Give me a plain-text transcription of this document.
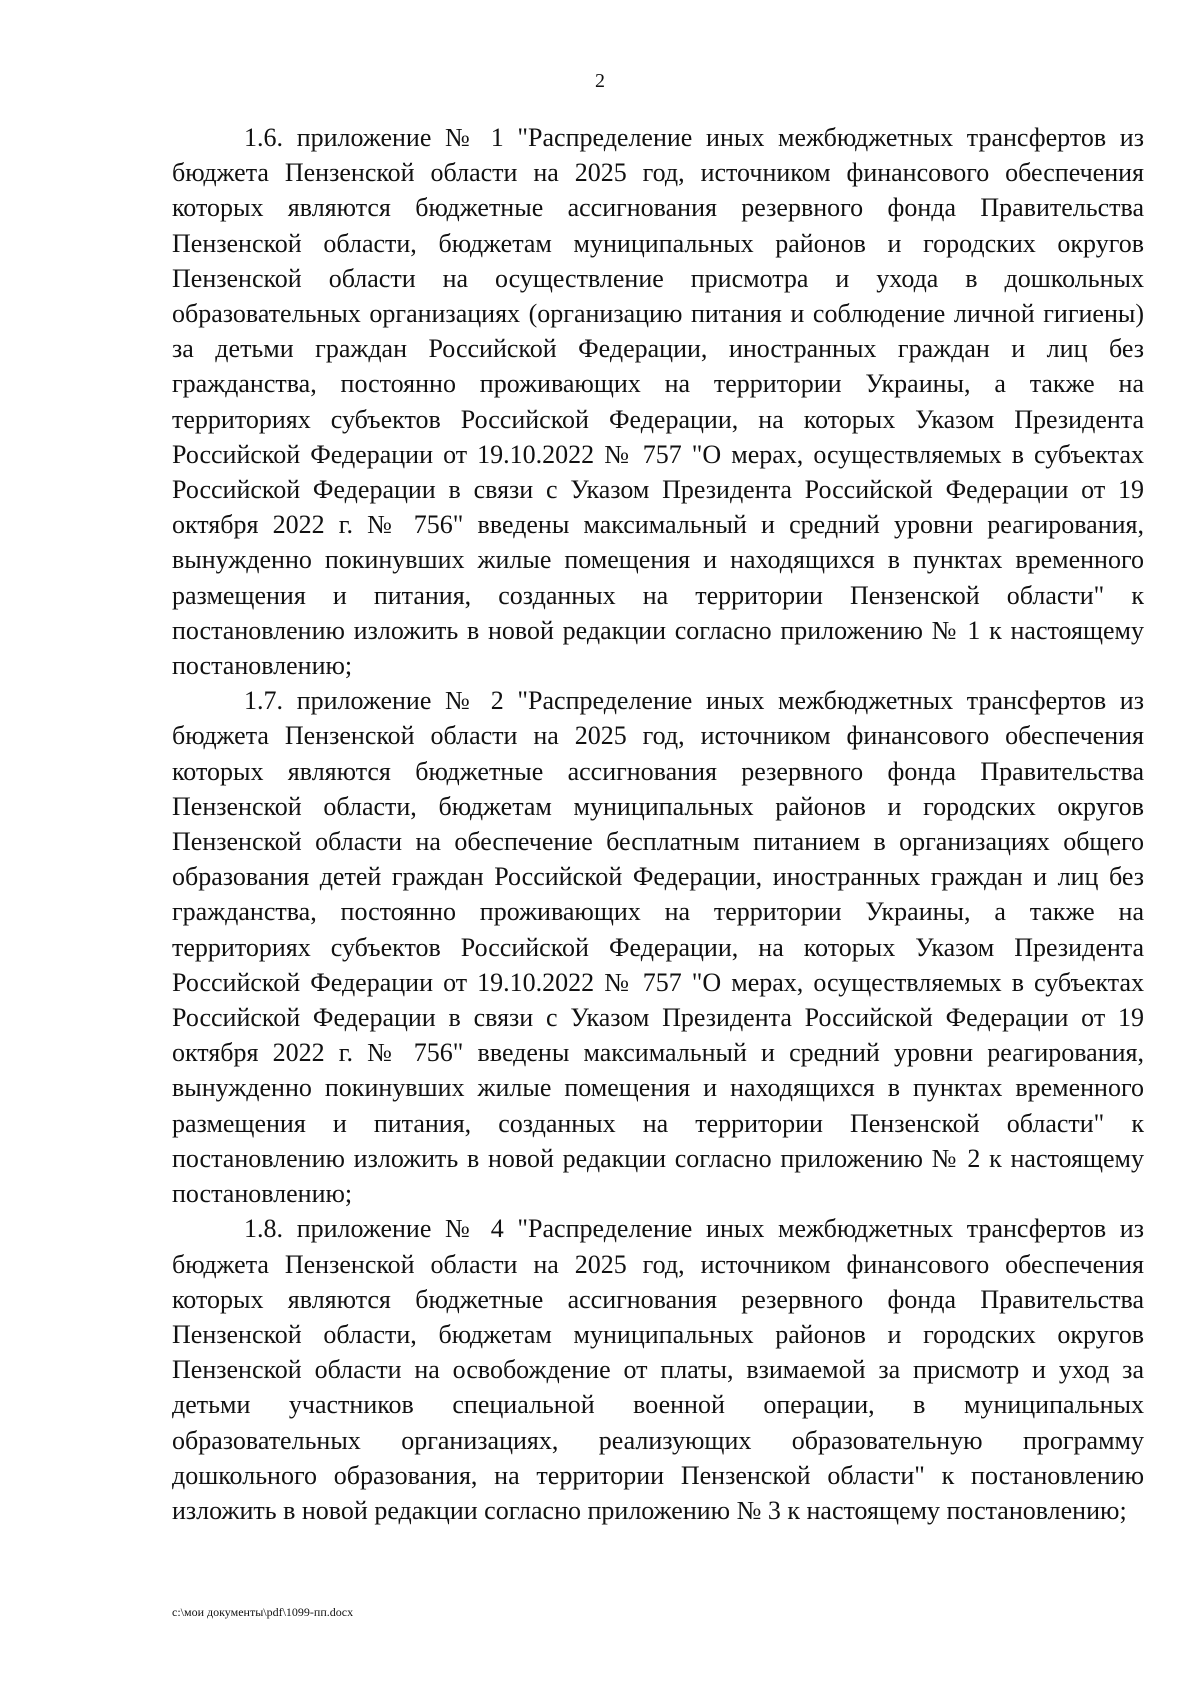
2

1.6. приложение № 1 "Распределение иных межбюджетных трансфертов из бюджета Пензенской области на 2025 год, источником финансового обеспечения которых являются бюджетные ассигнования резервного фонда Правительства Пензенской области, бюджетам муниципальных районов и городских округов Пензенской области на осуществление присмотра и ухода в дошкольных образовательных организациях (организацию питания и соблюдение личной гигиены) за детьми граждан Российской Федерации, иностранных граждан и лиц без гражданства, постоянно проживающих на территории Украины, а также на территориях субъектов Российской Федерации, на которых Указом Президента Российской Федерации от 19.10.2022 № 757 "О мерах, осуществляемых в субъектах Российской Федерации в связи с Указом Президента Российской Федерации от 19 октября 2022 г. № 756" введены максимальный и средний уровни реагирования, вынужденно покинувших жилые помещения и находящихся в пунктах временного размещения и питания, созданных на территории Пензенской области" к постановлению изложить в новой редакции согласно приложению № 1 к настоящему постановлению;

1.7. приложение № 2 "Распределение иных межбюджетных трансфертов из бюджета Пензенской области на 2025 год, источником финансового обеспечения которых являются бюджетные ассигнования резервного фонда Правительства Пензенской области, бюджетам муниципальных районов и городских округов Пензенской области на обеспечение бесплатным питанием в организациях общего образования детей граждан Российской Федерации, иностранных граждан и лиц без гражданства, постоянно проживающих на территории Украины, а также на территориях субъектов Российской Федерации, на которых Указом Президента Российской Федерации от 19.10.2022 № 757 "О мерах, осуществляемых в субъектах Российской Федерации в связи с Указом Президента Российской Федерации от 19 октября 2022 г. № 756" введены максимальный и средний уровни реагирования, вынужденно покинувших жилые помещения и находящихся в пунктах временного размещения и питания, созданных на территории Пензенской области" к постановлению изложить в новой редакции согласно приложению № 2 к настоящему постановлению;

1.8. приложение № 4 "Распределение иных межбюджетных трансфертов из бюджета Пензенской области на 2025 год, источником финансового обеспечения которых являются бюджетные ассигнования резервного фонда Правительства Пензенской области, бюджетам муниципальных районов и городских округов Пензенской области на освобождение от платы, взимаемой за присмотр и уход за детьми участников специальной военной операции, в муниципальных образовательных организациях, реализующих образовательную программу дошкольного образования, на территории Пензенской области" к постановлению изложить в новой редакции согласно приложению № 3 к настоящему постановлению;

c:\мои документы\pdf\1099-пп.docx
